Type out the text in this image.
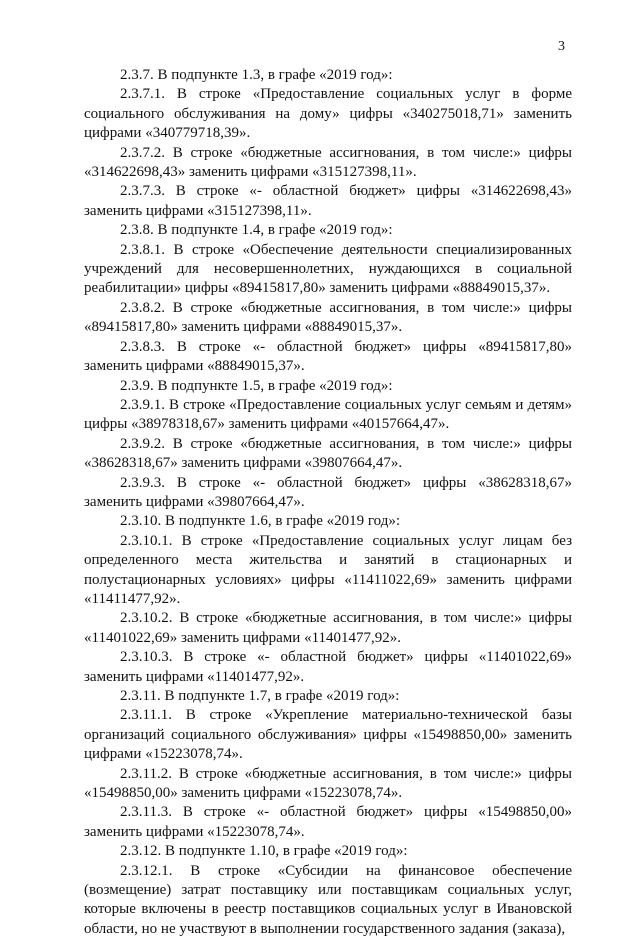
3

2.3.7. В подпункте 1.3, в графе «2019 год»:

2.3.7.1. В строке «Предоставление социальных услуг в форме социального обслуживания на дому» цифры «340275018,71» заменить цифрами «340779718,39».

2.3.7.2. В строке «бюджетные ассигнования, в том числе:» цифры «314622698,43» заменить цифрами «315127398,11».

2.3.7.3. В строке «- областной бюджет» цифры «314622698,43» заменить цифрами «315127398,11».

2.3.8. В подпункте 1.4, в графе «2019 год»:

2.3.8.1. В строке «Обеспечение деятельности специализированных учреждений для несовершеннолетних, нуждающихся в социальной реабилитации» цифры «89415817,80» заменить цифрами «88849015,37».

2.3.8.2. В строке «бюджетные ассигнования, в том числе:» цифры «89415817,80» заменить цифрами «88849015,37».

2.3.8.3. В строке «- областной бюджет» цифры «89415817,80» заменить цифрами «88849015,37».

2.3.9. В подпункте 1.5, в графе «2019 год»:

2.3.9.1. В строке «Предоставление социальных услуг семьям и детям» цифры «38978318,67» заменить цифрами «40157664,47».

2.3.9.2. В строке «бюджетные ассигнования, в том числе:» цифры «38628318,67» заменить цифрами «39807664,47».

2.3.9.3. В строке «- областной бюджет» цифры «38628318,67» заменить цифрами «39807664,47».

2.3.10. В подпункте 1.6, в графе «2019 год»:

2.3.10.1. В строке «Предоставление социальных услуг лицам без определенного места жительства и занятий в стационарных и полустационарных условиях» цифры «11411022,69» заменить цифрами «11411477,92».

2.3.10.2. В строке «бюджетные ассигнования, в том числе:» цифры «11401022,69» заменить цифрами «11401477,92».

2.3.10.3. В строке «- областной бюджет» цифры «11401022,69» заменить цифрами «11401477,92».

2.3.11. В подпункте 1.7, в графе «2019 год»:

2.3.11.1. В строке «Укрепление материально-технической базы организаций социального обслуживания» цифры «15498850,00» заменить цифрами «15223078,74».

2.3.11.2. В строке «бюджетные ассигнования, в том числе:» цифры «15498850,00» заменить цифрами «15223078,74».

2.3.11.3. В строке «- областной бюджет» цифры «15498850,00» заменить цифрами «15223078,74».

2.3.12. В подпункте 1.10, в графе «2019 год»:

2.3.12.1. В строке «Субсидии на финансовое обеспечение (возмещение) затрат поставщику или поставщикам социальных услуг, которые включены в реестр поставщиков социальных услуг в Ивановской области, но не участвуют в выполнении государственного задания (заказа),
